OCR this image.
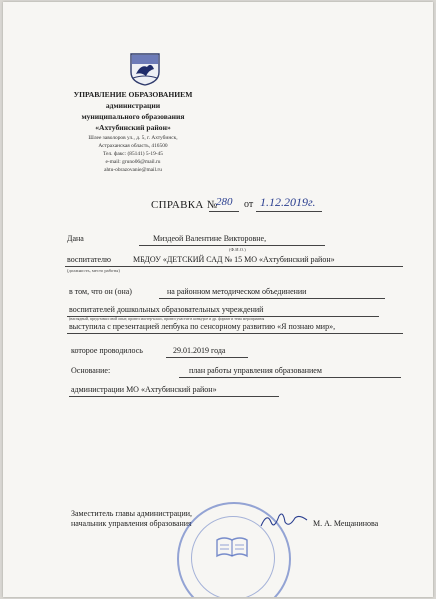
УПРАВЛЕНИЕ ОБРАЗОВАНИЕМ
администрации
муниципального образования
«Ахтубинский район»
Шлее заволоров ул., д. 5, г. Ахтубинск,
Астраханская область, 416500
Тел. факс: (85141) 5-19-45
e-mail: gruno06@mail.ru
ahtu-obrazovanie@mail.ru
СПРАВКА №
280 от 1.12.2019г.
Дана	Миздеой Валентине Викторовне,
(Ф.И.О.)
воспитателю	МБДОУ «ДЕТСКИЙ САД № 15 МО «Ахтубинский район»
(должность, место работы)
в том, что он (она)	на районном методическом объединении
воспитателей дошкольных образовательных учреждений
(наглядный, представил свой опыт, провел мастер-класс, провел участие в конкурсе и др. формат и тема мероприятия
выступила с презентацией лепбука по сенсорному развитию «Я познаю мир»,
которое проводилось	29.01.2019 года
Основание:	план работы управления образованием
администрации МО «Ахтубинский район»
Заместитель главы администрации,
начальник управления образования	М. А. Мещанинова
